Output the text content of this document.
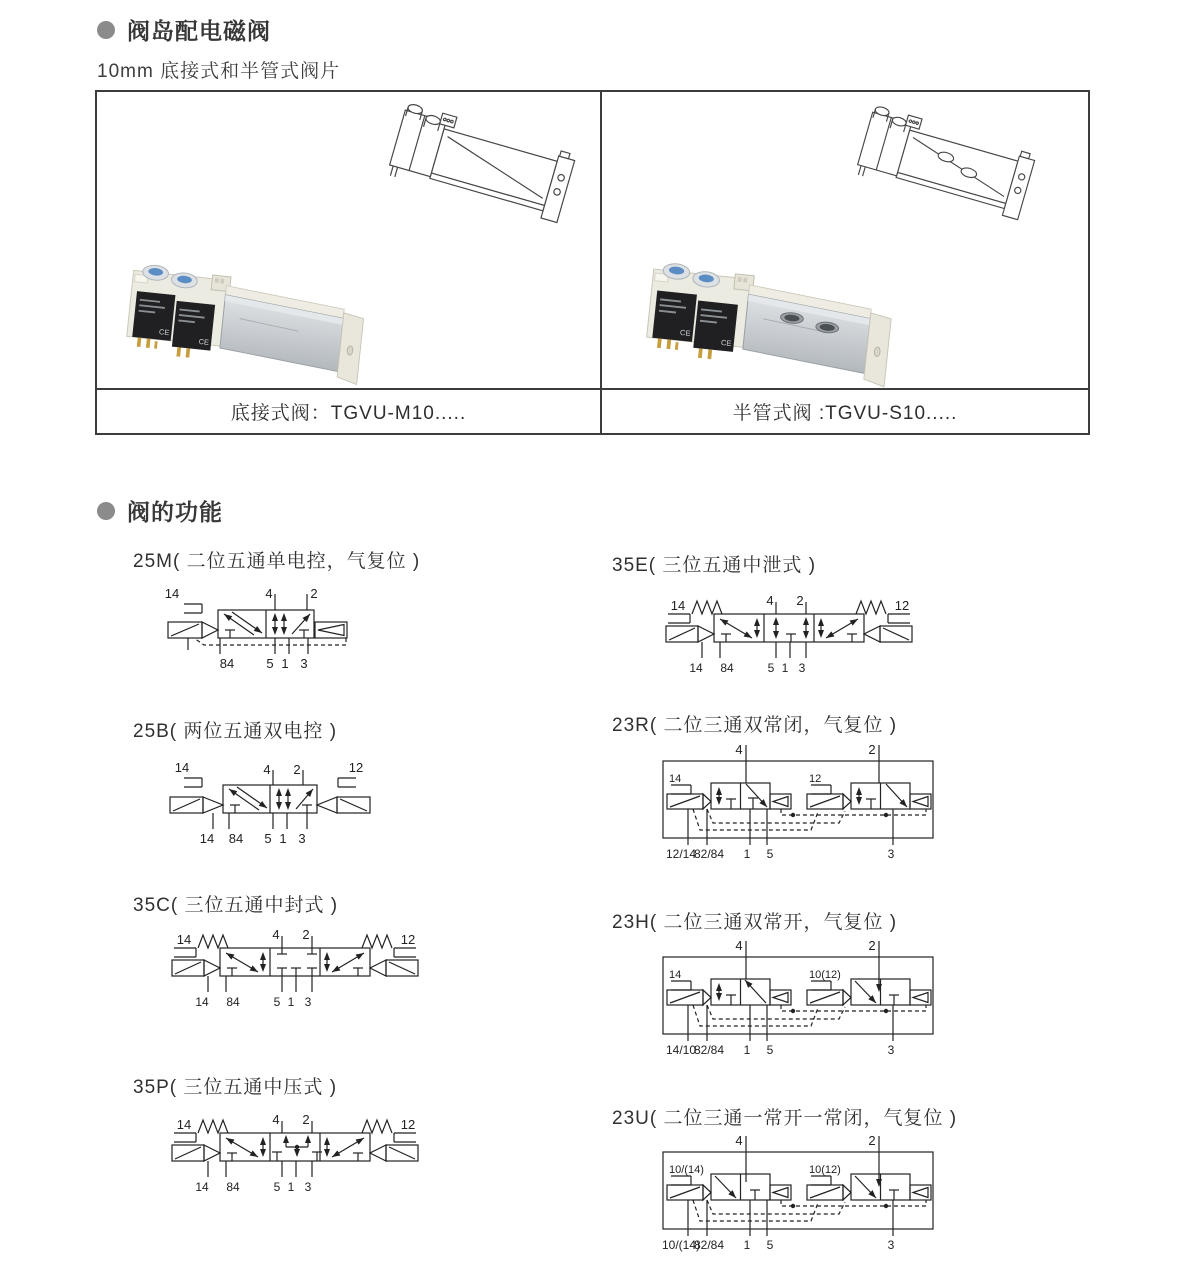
阀岛配电磁阀
10mm 底接式和半管式阀片
底接式阀：TGVU-M10.....	半管式阀 :TGVU-S10.....
阀的功能
25M( 二位五通单电控，气复位 )	35E( 三位五通中泄式 )
25B( 两位五通双电控 )	23R( 二位三通双常闭，气复位 )
35C( 三位五通中封式 )
23H( 二位三通双常开，气复位 )
35P( 三位五通中压式 )
23U( 二位三通一常开一常闭，气复位 )
CE
CE
14	4	2
84 5 1 3
14	12
4 2
14 84	5 1 3
14	12
4 2
14 84 5 1 3
4	2
14	12
12/14
82/84 1 5	3
14	12
4 2
14 84	5 1 3
4	2
14	10(12)
14/10
82/84 1 5	3
14	12
4 2
14 84	5 1 3
4	2
10/(14)	10(12)
10/(14)
82/84 1 5	3
